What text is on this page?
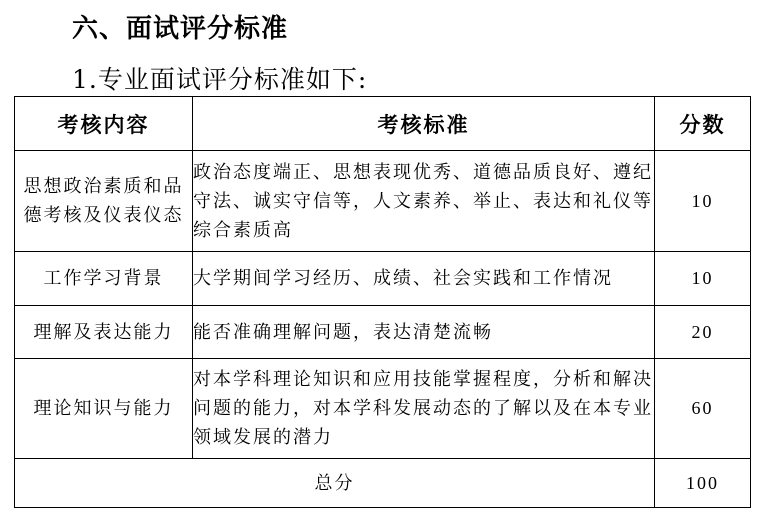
六、面试评分标准
1.专业面试评分标准如下:
考核内容	考核标准	分数
思想政治素质和品德考核及仪表仪态	政治态度端正、思想表现优秀、道德品质良好、遵纪守法、诚实守信等，人文素养、举止、表达和礼仪等综合素质高	10
工作学习背景	大学期间学习经历、成绩、社会实践和工作情况	10
理解及表达能力	能否准确理解问题，表达清楚流畅	20
理论知识与能力	对本学科理论知识和应用技能掌握程度，分析和解决问题的能力，对本学科发展动态的了解以及在本专业领域发展的潜力	60
总分		100
